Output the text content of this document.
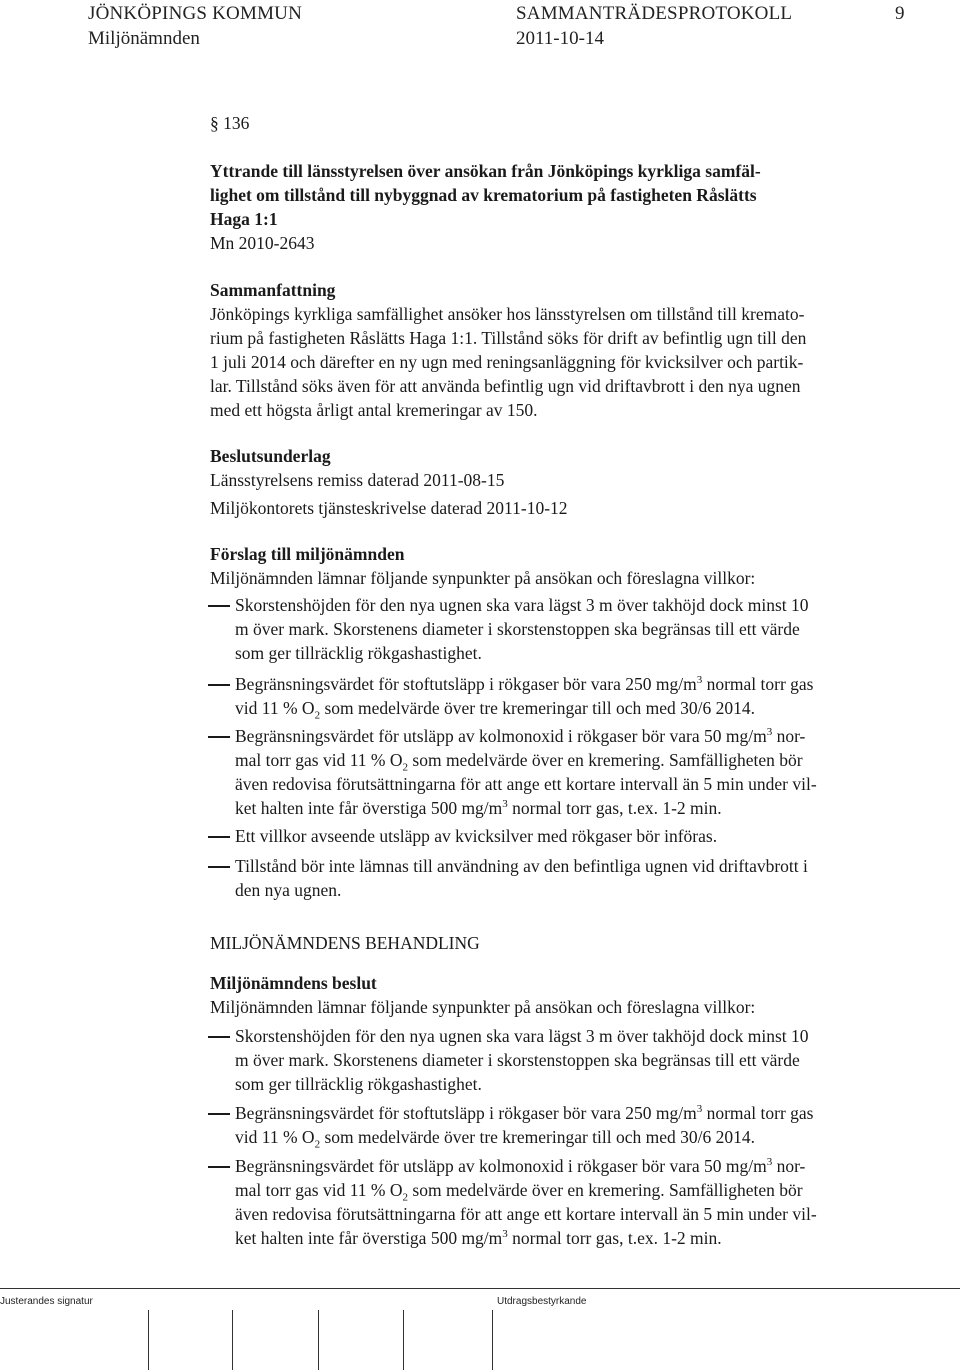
JÖNKÖPINGS KOMMUN	SAMMANTRÄDESPROTOKOLL	9
Miljönämnden	2011-10-14
§ 136
Yttrande till länsstyrelsen över ansökan från Jönköpings kyrkliga samfäl-
lighet om tillstånd till nybyggnad av krematorium på fastigheten Råslätts
Haga 1:1
Mn 2010-2643
Sammanfattning
Jönköpings kyrkliga samfällighet ansöker hos länsstyrelsen om tillstånd till kremato-
rium på fastigheten Råslätts Haga 1:1. Tillstånd söks för drift av befintlig ugn till den
1 juli 2014 och därefter en ny ugn med reningsanläggning för kvicksilver och partik-
lar. Tillstånd söks även för att använda befintlig ugn vid driftavbrott i den nya ugnen
med ett högsta årligt antal kremeringar av 150.
Beslutsunderlag
Länsstyrelsens remiss daterad 2011-08-15
Miljökontorets tjänsteskrivelse daterad 2011-10-12
Förslag till miljönämnden
Miljönämnden lämnar följande synpunkter på ansökan och föreslagna villkor:
Skorstenshöjden för den nya ugnen ska vara lägst 3 m över takhöjd dock minst 10
m över mark. Skorstenens diameter i skorstenstoppen ska begränsas till ett värde
som ger tillräcklig rökgashastighet.
Begränsningsvärdet för stoftutsläpp i rökgaser bör vara 250 $mg/m^3$ normal torr gas
vid 11 % $O_2$ som medelvärde över tre kremeringar till och med 30/6 2014.
Begränsningsvärdet för utsläpp av kolmonoxid i rökgaser bör vara 50 $mg/m^3$ nor-
mal torr gas vid 11 % $O_2$ som medelvärde över en kremering. Samfälligheten bör
även redovisa förutsättningarna för att ange ett kortare intervall än 5 min under vil-
ket halten inte får överstiga 500 $mg/m^3$ normal torr gas, t.ex. 1-2 min.
Ett villkor avseende utsläpp av kvicksilver med rökgaser bör införas.
Tillstånd bör inte lämnas till användning av den befintliga ugnen vid driftavbrott i
den nya ugnen.
MILJÖNÄMNDENS BEHANDLING
Miljönämndens beslut
Miljönämnden lämnar följande synpunkter på ansökan och föreslagna villkor:
Skorstenshöjden för den nya ugnen ska vara lägst 3 m över takhöjd dock minst 10
m över mark. Skorstenens diameter i skorstenstoppen ska begränsas till ett värde
som ger tillräcklig rökgashastighet.
Begränsningsvärdet för stoftutsläpp i rökgaser bör vara 250 $mg/m^3$ normal torr gas
vid 11 % $O_2$ som medelvärde över tre kremeringar till och med 30/6 2014.
Begränsningsvärdet för utsläpp av kolmonoxid i rökgaser bör vara 50 $mg/m^3$ nor-
mal torr gas vid 11 % $O_2$ som medelvärde över en kremering. Samfälligheten bör
även redovisa förutsättningarna för att ange ett kortare intervall än 5 min under vil-
ket halten inte får överstiga 500 $mg/m^3$ normal torr gas, t.ex. 1-2 min.
Justerandes signatur	Utdragsbestyrkande
